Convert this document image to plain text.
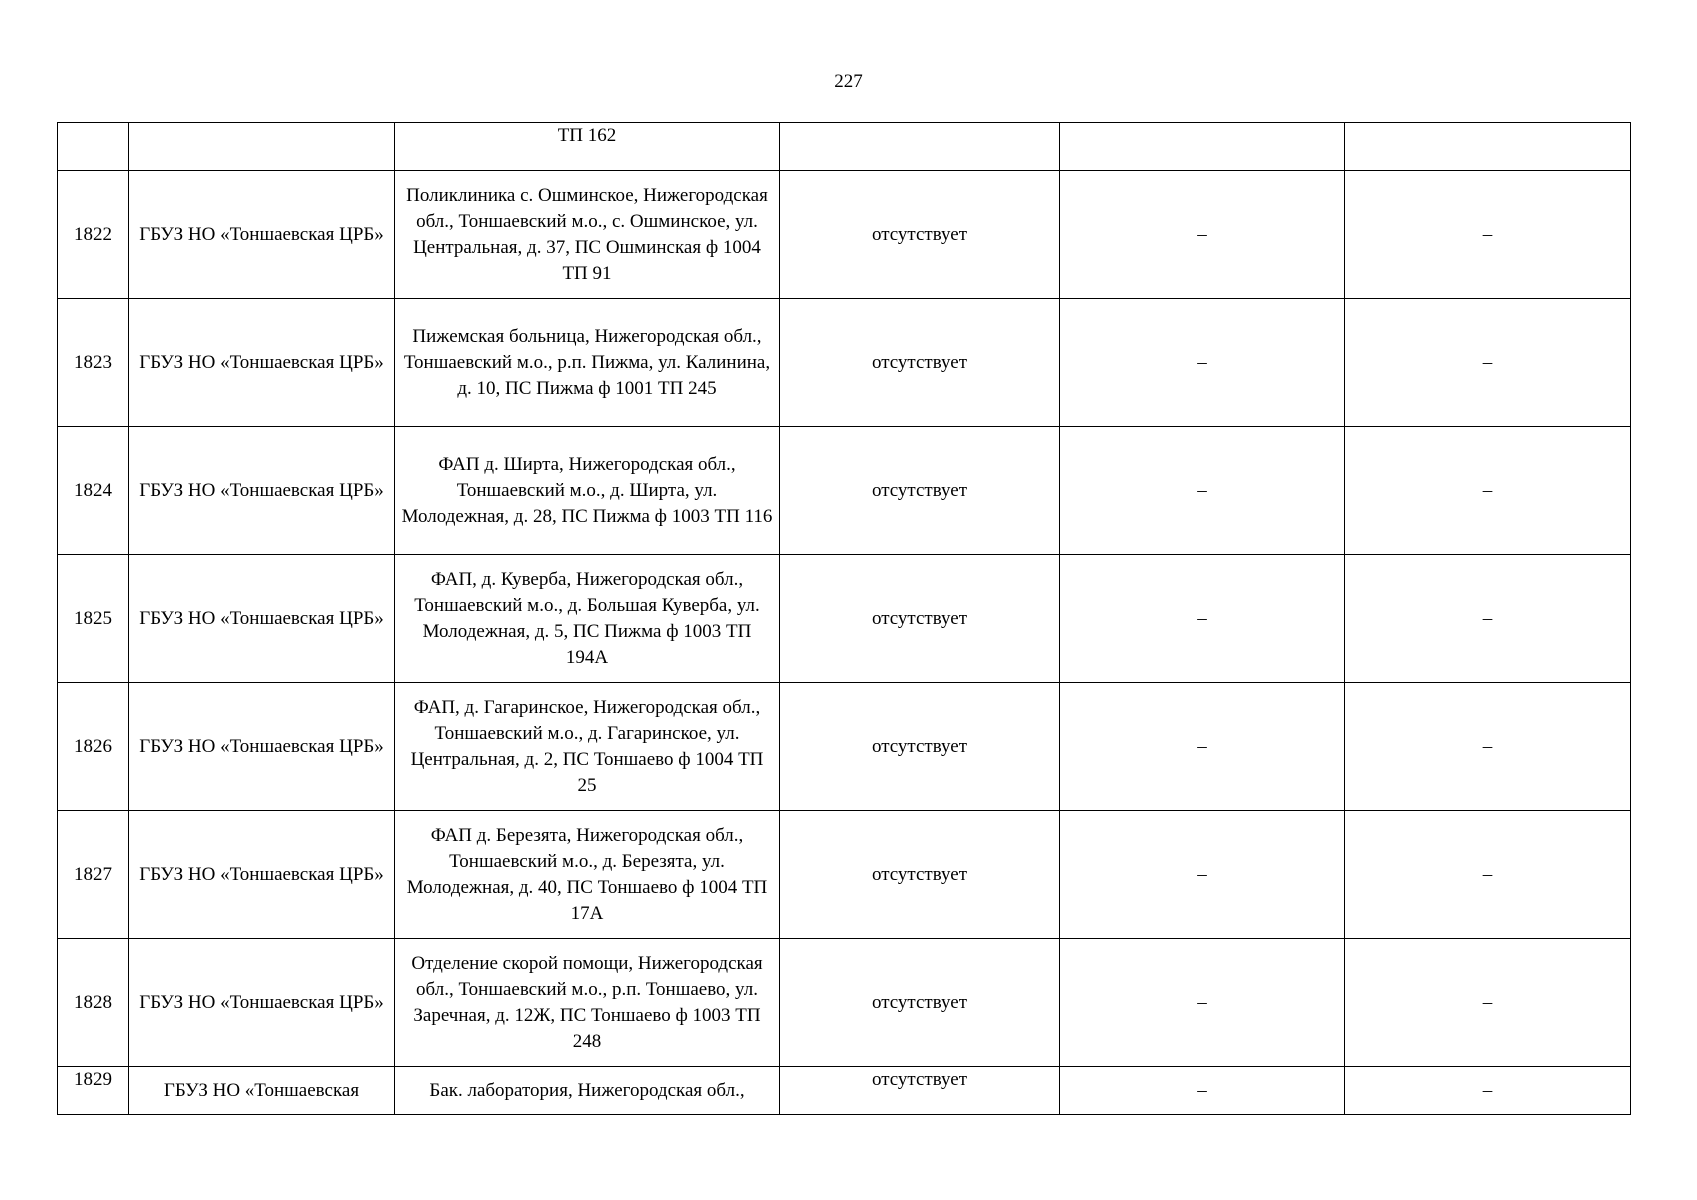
227
		ТП 162			
1822	ГБУЗ НО «Тоншаевская ЦРБ»	Поликлиника с. Ошминское, Нижегородская обл., Тоншаевский м.о., с. Ошминское, ул. Центральная, д. 37, ПС Ошминская ф 1004 ТП 91	отсутствует	–	–
1823	ГБУЗ НО «Тоншаевская ЦРБ»	Пижемская больница, Нижегородская обл., Тоншаевский м.о., р.п. Пижма, ул. Калинина, д. 10, ПС Пижма ф 1001 ТП 245	отсутствует	–	–
1824	ГБУЗ НО «Тоншаевская ЦРБ»	ФАП д. Ширта, Нижегородская обл., Тоншаевский м.о., д. Ширта, ул. Молодежная, д. 28, ПС Пижма ф 1003 ТП 116	отсутствует	–	–
1825	ГБУЗ НО «Тоншаевская ЦРБ»	ФАП, д. Куверба, Нижегородская обл., Тоншаевский м.о., д. Большая Куверба, ул. Молодежная, д. 5, ПС Пижма ф 1003 ТП 194А	отсутствует	–	–
1826	ГБУЗ НО «Тоншаевская ЦРБ»	ФАП, д. Гагаринское, Нижегородская обл., Тоншаевский м.о., д. Гагаринское, ул. Центральная, д. 2, ПС Тоншаево ф 1004 ТП 25	отсутствует	–	–
1827	ГБУЗ НО «Тоншаевская ЦРБ»	ФАП д. Березята, Нижегородская обл., Тоншаевский м.о., д. Березята, ул. Молодежная, д. 40, ПС Тоншаево ф 1004 ТП 17А	отсутствует	–	–
1828	ГБУЗ НО «Тоншаевская ЦРБ»	Отделение скорой помощи, Нижегородская обл., Тоншаевский м.о., р.п. Тоншаево, ул. Заречная, д. 12Ж, ПС Тоншаево ф 1003 ТП 248	отсутствует	–	–
1829	ГБУЗ НО «Тоншаевская	Бак. лаборатория, Нижегородская обл.,	отсутствует	–	–
